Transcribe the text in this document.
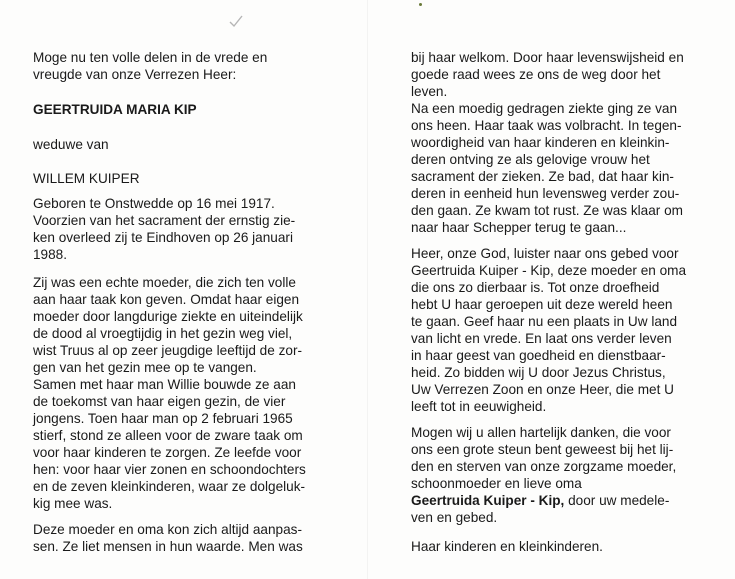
Moge nu ten volle delen in de vrede en
vreugde van onze Verrezen Heer:
GEERTRUIDA MARIA KIP
weduwe van
WILLEM KUIPER
Geboren te Onstwedde op 16 mei 1917.
Voorzien van het sacrament der ernstig zie-
ken overleed zij te Eindhoven op 26 januari
1988.
Zij was een echte moeder, die zich ten volle
aan haar taak kon geven. Omdat haar eigen
moeder door langdurige ziekte en uiteindelijk
de dood al vroegtijdig in het gezin weg viel,
wist Truus al op zeer jeugdige leeftijd de zor-
gen van het gezin mee op te vangen.
Samen met haar man Willie bouwde ze aan
de toekomst van haar eigen gezin, de vier
jongens. Toen haar man op 2 februari 1965
stierf, stond ze alleen voor de zware taak om
voor haar kinderen te zorgen. Ze leefde voor
hen: voor haar vier zonen en schoondochters
en de zeven kleinkinderen, waar ze dolgeluk-
kig mee was.
Deze moeder en oma kon zich altijd aanpas-
sen. Ze liet mensen in hun waarde. Men was
bij haar welkom. Door haar levenswijsheid en
goede raad wees ze ons de weg door het
leven.
Na een moedig gedragen ziekte ging ze van
ons heen. Haar taak was volbracht. In tegen-
woordigheid van haar kinderen en kleinkin-
deren ontving ze als gelovige vrouw het
sacrament der zieken. Ze bad, dat haar kin-
deren in eenheid hun levensweg verder zou-
den gaan. Ze kwam tot rust. Ze was klaar om
naar haar Schepper terug te gaan...
Heer, onze God, luister naar ons gebed voor
Geertruida Kuiper - Kip, deze moeder en oma
die ons zo dierbaar is. Tot onze droefheid
hebt U haar geroepen uit deze wereld heen
te gaan. Geef haar nu een plaats in Uw land
van licht en vrede. En laat ons verder leven
in haar geest van goedheid en dienstbaar-
heid. Zo bidden wij U door Jezus Christus,
Uw Verrezen Zoon en onze Heer, die met U
leeft tot in eeuwigheid.
Mogen wij u allen hartelijk danken, die voor
ons een grote steun bent geweest bij het lij-
den en sterven van onze zorgzame moeder,
schoonmoeder en lieve oma
Geertruida Kuiper - Kip, door uw medele-
ven en gebed.
Haar kinderen en kleinkinderen.
